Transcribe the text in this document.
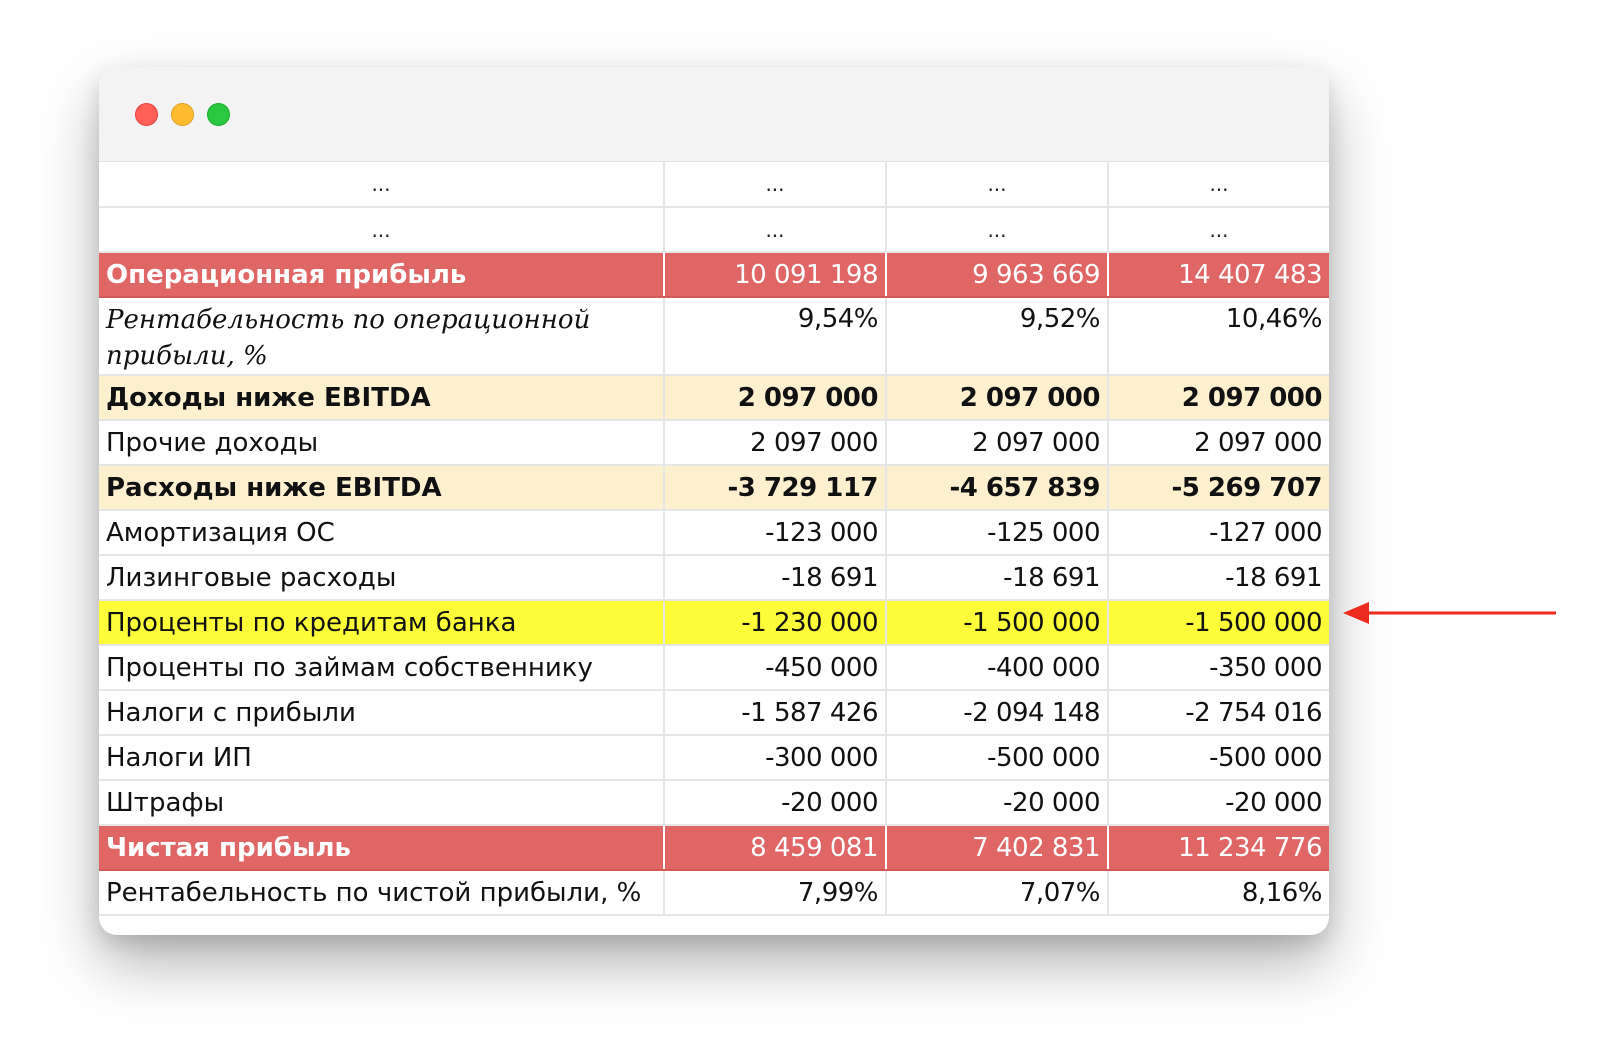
...	...	...	...
...	...	...	...
Операционная прибыль	10 091 198	9 963 669	14 407 483
Рентабельность по операционной прибыли, %	9,54%	9,52%	10,46%
Доходы ниже EBITDA	2 097 000	2 097 000	2 097 000
Прочие доходы	2 097 000	2 097 000	2 097 000
Расходы ниже EBITDA	-3 729 117	-4 657 839	-5 269 707
Амортизация ОС	-123 000	-125 000	-127 000
Лизинговые расходы	-18 691	-18 691	-18 691
Проценты по кредитам банка	-1 230 000	-1 500 000	-1 500 000
Проценты по займам собственнику	-450 000	-400 000	-350 000
Налоги с прибыли	-1 587 426	-2 094 148	-2 754 016
Налоги ИП	-300 000	-500 000	-500 000
Штрафы	-20 000	-20 000	-20 000
Чистая прибыль	8 459 081	7 402 831	11 234 776
Рентабельность по чистой прибыли, %	7,99%	7,07%	8,16%
